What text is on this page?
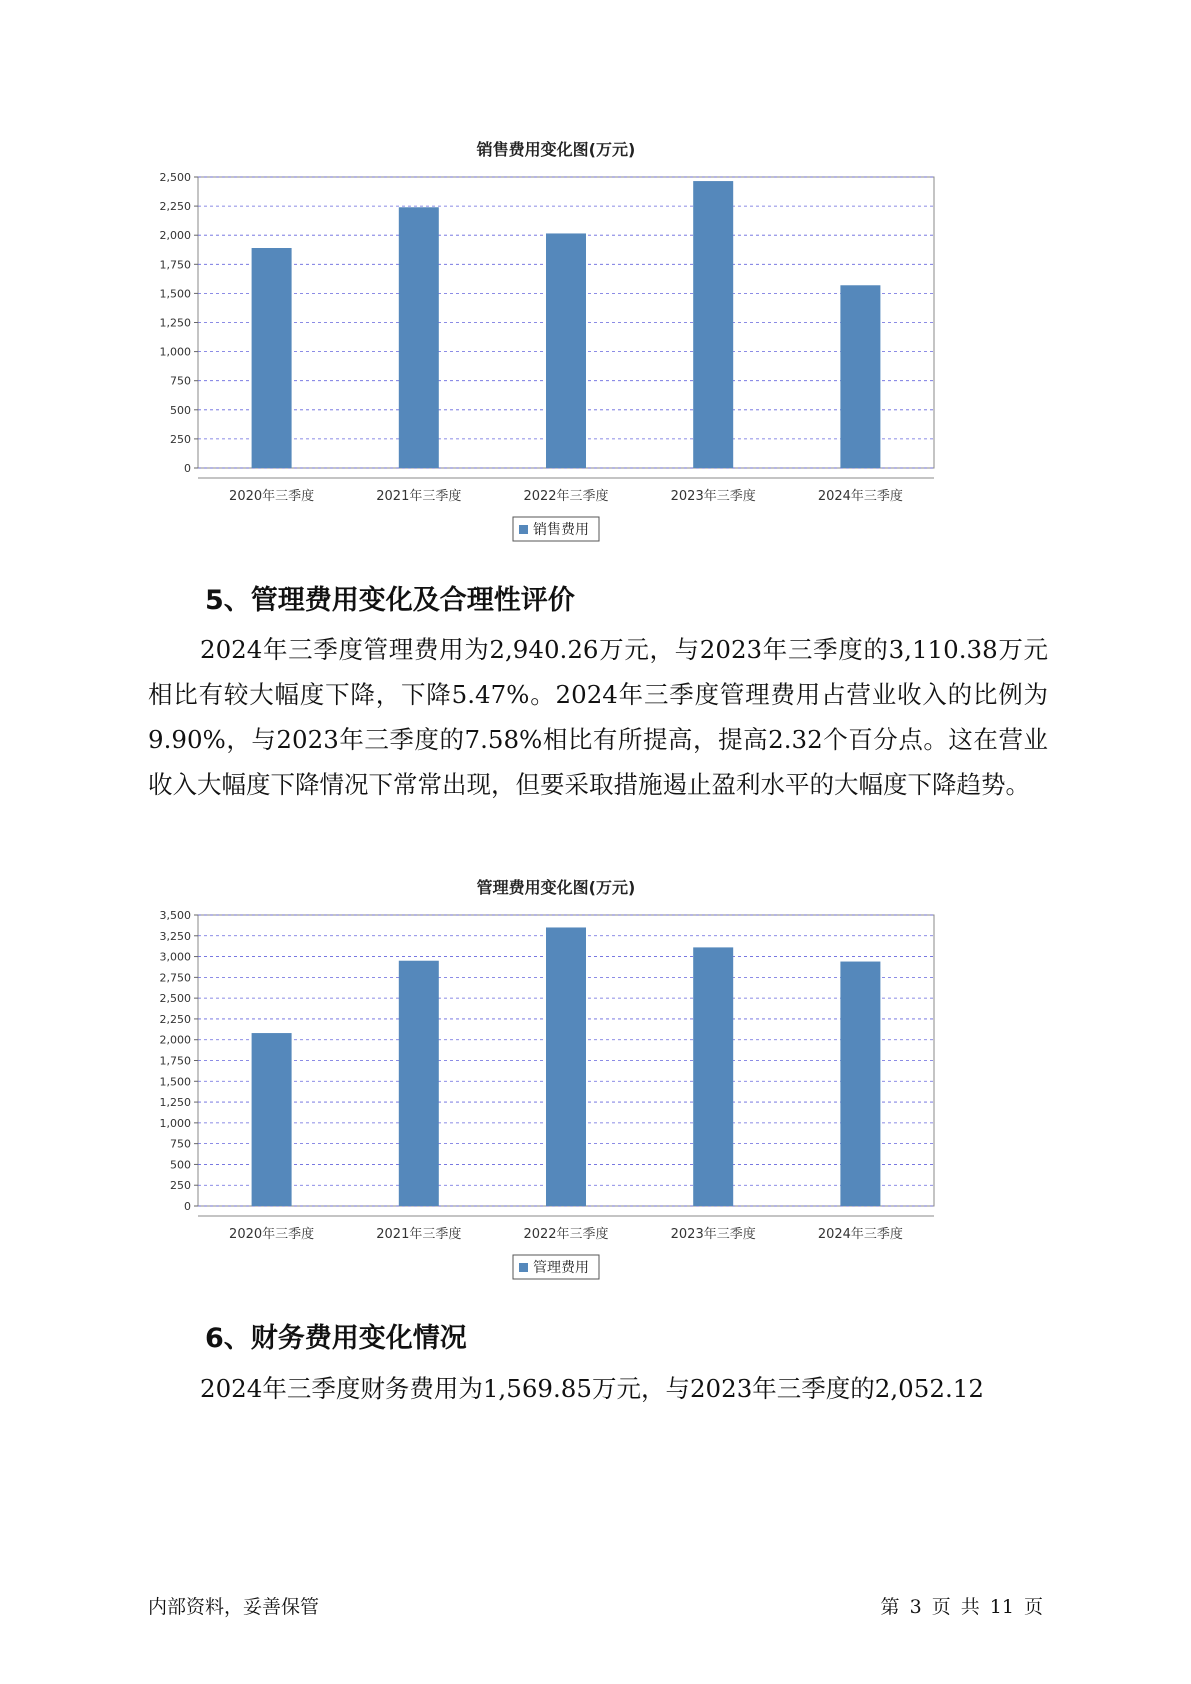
销售费用变化图(万元)
0
250
500
750
1,000
1,250
1,500
1,750
2,000
2,250
2,500
2020年三季度	2021年三季度	2022年三季度	2023年三季度	2024年三季度
销售费用
5、管理费用变化及合理性评价

2024年三季度管理费用为2,940.26万元，与2023年三季度的3,110.38万元相比有较大幅度下降，下降5.47%。2024年三季度管理费用占营业收入的比例为9.90%，与2023年三季度的7.58%相比有所提高，提高2.32个百分点。这在营业收入大幅度下降情况下常常出现，但要采取措施遏止盈利水平的大幅度下降趋势。

管理费用变化图(万元)
0
250
500
750
1,000
1,250
1,500
1,750
2,000
2,250
2,500
2,750
3,000
3,250
3,500
2020年三季度	2021年三季度	2022年三季度	2023年三季度	2024年三季度
管理费用
6、财务费用变化情况

2024年三季度财务费用为1,569.85万元，与2023年三季度的2,052.12

内部资料，妥善保管	第 3 页 共 11 页
